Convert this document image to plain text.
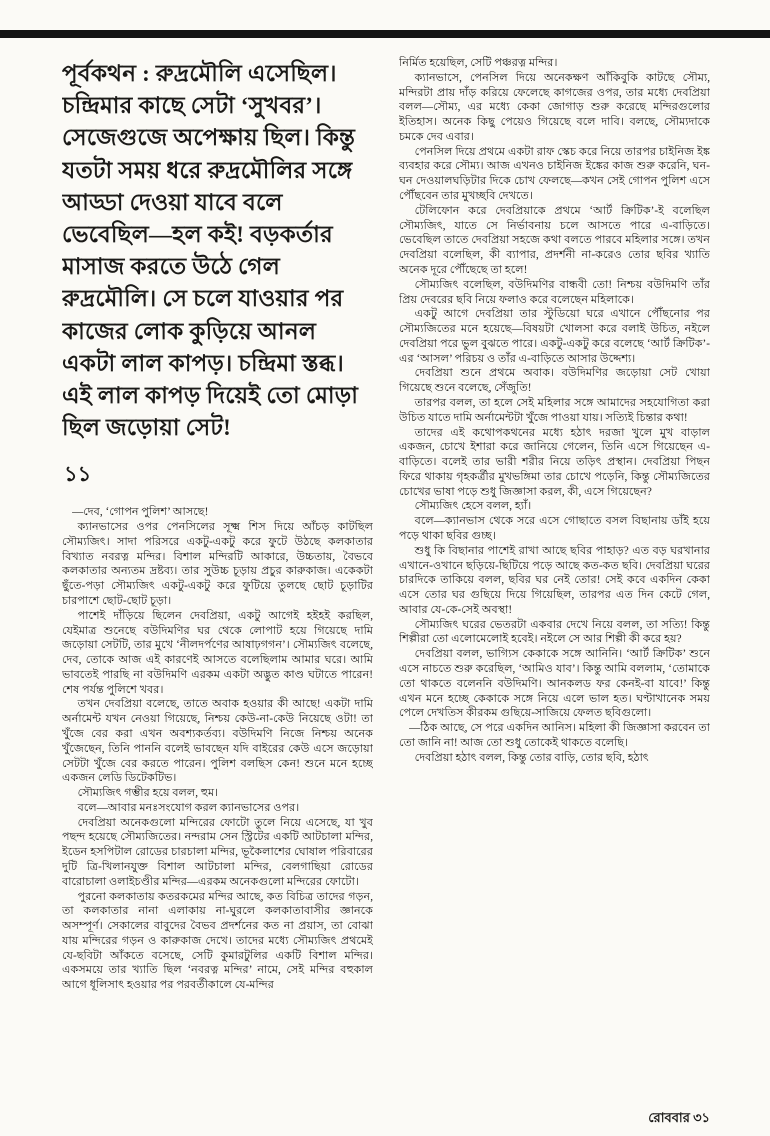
পূর্বকথন : রুদ্রমৌলি এসেছিল। চন্দ্রিমার কাছে সেটা ‘সুখবর’। সেজেগুজে অপেক্ষায় ছিল। কিন্তু যতটা সময় ধরে রুদ্রমৌলির সঙ্গে আড্ডা দেওয়া যাবে বলে ভেবেছিল—হল কই! বড়কর্তার মাসাজ করতে উঠে গেল রুদ্রমৌলি। সে চলে যাওয়ার পর কাজের লোক কুড়িয়ে আনল একটা লাল কাপড়। চন্দ্রিমা স্তব্ধ। এই লাল কাপড় দিয়েই তো মোড়া ছিল জড়োয়া সেট!
১১

—দেব, ‘গোপন পুলিশ’ আসছে!

ক্যানভাসের ওপর পেনসিলের সূক্ষ্ম শিস দিয়ে আঁচড় কাটছিল সৌম্যজিৎ। সাদা পরিসরে একটু-একটু করে ফুটে উঠছে কলকাতার বিখ্যাত নবরত্ন মন্দির। বিশাল মন্দিরটি আকারে, উচ্চতায়, বৈভবে কলকাতার অন্যতম দ্রষ্টব্য। তার সুউচ্চ চূড়ায় প্রচুর কারুকাজ। একেকটা ছুঁতে-পড়া সৌম্যজিৎ একটু-একটু করে ফুটিয়ে তুলছে ছোট চূড়াটির চারপাশে ছোট-ছোট চূড়া।

পাশেই দাঁড়িয়ে ছিলেন দেবপ্রিয়া, একটু আগেই হইহই করছিল, যেইমাত্র শুনেছে বউদিমণির ঘর থেকে লোপাট হয়ে গিয়েছে দামি জড়োয়া সেটটি, তার মুখে ‘নীলদর্পণের আষাঢ়গগন’। সৌম্যজিৎ বলেছে, দেব, তোকে আজ এই কারণেই আসতে বলেছিলাম আমার ঘরে। আমি ভাবতেই পারছি না বউদিমণি এরকম একটা অদ্ভুত কাণ্ড ঘটাতে পারেন! শেষ পর্যন্ত পুলিশে খবর।

তখন দেবপ্রিয়া বলেছে, তাতে অবাক হওয়ার কী আছে! একটা দামি অর্নামেন্ট যখন নেওয়া গিয়েছে, নিশ্চয় কেউ-না-কেউ নিয়েছে ওটা! তা খুঁজে বের করা এখন অবশ্যকর্তব্য। বউদিমণি নিজে নিশ্চয় অনেক খুঁজেছেন, তিনি পাননি বলেই ভাবছেন যদি বাইরের কেউ এসে জড়োয়া সেটটা খুঁজে বের করতে পারেন। পুলিশ বলছিস কেন! শুনে মনে হচ্ছে একজন লেডি ডিটেকটিভ।

সৌম্যজিৎ গম্ভীর হয়ে বলল, হুম।

বলে—আবার মনঃসংযোগ করল ক্যানভাসের ওপর।

দেবপ্রিয়া অনেকগুলো মন্দিরের ফোটো তুলে নিয়ে এসেছে, যা খুব পছন্দ হয়েছে সৌম্যজিতের। নন্দরাম সেন স্ট্রিটের একটি আটচালা মন্দির, ইডেন হসপিটাল রোডের চারচালা মন্দির, ভূকৈলাশের ঘোষাল পরিবারের দুটি ত্রি-খিলানযুক্ত বিশাল আটচালা মন্দির, বেলগাছিয়া রোডের বারোচালা ওলাইচণ্ডীর মন্দির—এরকম অনেকগুলো মন্দিরের ফোটো।

পুরনো কলকাতায় কতরকমের মন্দির আছে, কত বিচিত্র তাদের গড়ন, তা কলকাতার নানা এলাকায় না-ঘুরলে কলকাতাবাসীর জ্ঞানকে অসম্পূর্ণ। সেকালের বাবুদের বৈভব প্রদর্শনের কত না প্রয়াস, তা বোঝা যায় মন্দিরের গড়ন ও কারুকাজ দেখে। তাদের মধ্যে সৌম্যজিৎ প্রথমেই যে-ছবিটা আঁকতে বসেছে, সেটি কুমারটুলির একটি বিশাল মন্দির। একসময়ে তার খ্যাতি ছিল ‘নবরত্ন মন্দির’ নামে, সেই মন্দির বহুকাল আগে ধূলিসাৎ হওয়ার পর পরবর্তীকালে যে-মন্দির

নির্মিত হয়েছিল, সেটি পঞ্চরত্ন মন্দির।

ক্যানভাসে, পেনসিল দিয়ে অনেকক্ষণ আঁকিবুকি কাটছে সৌম্য, মন্দিরটা প্রায় দাঁড় করিয়ে ফেলেছে কাগজের ওপর, তার মধ্যে দেবপ্রিয়া বলল—সৌম্য, এর মধ্যে কেকা জোগাড় শুরু করেছে মন্দিরগুলোর ইতিহাস। অনেক কিছু পেয়েও গিয়েছে বলে দাবি। বলছে, সৌম্যদাকে চমকে দেব এবার।

পেনসিল দিয়ে প্রথমে একটা রাফ স্কেচ করে নিয়ে তারপর চাইনিজ ইঙ্ক ব্যবহার করে সৌম্য। আজ এখনও চাইনিজ ইঙ্কের কাজ শুরু করেনি, ঘন-ঘন দেওয়ালঘড়িটার দিকে চোখ ফেলছে—কখন সেই গোপন পুলিশ এসে পৌঁছবেন তার মুখচ্ছবি দেখতে।

টেলিফোন করে দেবপ্রিয়াকে প্রথমে ‘আর্ট ক্রিটিক’-ই বলেছিল সৌম্যজিৎ, যাতে সে নির্ভাবনায় চলে আসতে পারে এ-বাড়িতে। ভেবেছিল তাতে দেবপ্রিয়া সহজে কথা বলতে পারবে মহিলার সঙ্গে। তখন দেবপ্রিয়া বলেছিল, কী ব্যাপার, প্রদর্শনী না-করেও তোর ছবির খ্যাতি অনেক দূরে পৌঁছেছে তা হলে!

সৌম্যজিৎ বলেছিল, বউদিমণির বান্ধবী তো! নিশ্চয় বউদিমণি তাঁর প্রিয় দেবরের ছবি নিয়ে ফলাও করে বলেছেন মহিলাকে।

একটু আগে দেবপ্রিয়া তার স্টুডিয়ো ঘরে এখানে পৌঁছনোর পর সৌম্যজিতের মনে হয়েছে—বিষয়টা খোলসা করে বলাই উচিত, নইলে দেবপ্রিয়া পরে ভুল বুঝতে পারে। একটু-একটু করে বলেছে ‘আর্ট ক্রিটিক’-এর ‘আসল’ পরিচয় ও তাঁর এ-বাড়িতে আসার উদ্দেশ্য।

দেবপ্রিয়া শুনে প্রথমে অবাক। বউদিমণির জড়োয়া সেট খোয়া গিয়েছে শুনে বলেছে, সেঁজুতি!

তারপর বলল, তা হলে সেই মহিলার সঙ্গে আমাদের সহযোগিতা করা উচিত যাতে দামি অর্নামেন্টটা খুঁজে পাওয়া যায়। সত্যিই চিন্তার কথা!

তাদের এই কথোপকথনের মধ্যে হঠাৎ দরজা খুলে মুখ বাড়াল একজন, চোখে ইশারা করে জানিয়ে গেলেন, তিনি এসে গিয়েছেন এ-বাড়িতে। বলেই তার ভারী শরীর নিয়ে তড়িৎ প্রস্থান। দেবপ্রিয়া পিছন ফিরে থাকায় গৃহকর্ত্রীর মুখভঙ্গিমা তার চোখে পড়েনি, কিন্তু সৌম্যজিতের চোখের ভাষা পড়ে শুধু জিজ্ঞাসা করল, কী, এসে গিয়েছেন?

সৌম্যজিৎ হেসে বলল, হ্যাঁ।

বলে—ক্যানভাস থেকে সরে এসে গোছাতে বসল বিছানায় ডাঁই হয়ে পড়ে থাকা ছবির গুচ্ছ।

শুধু কি বিছানার পাশেই রাখা আছে ছবির পাহাড়? এত বড় ঘরখানার এখানে-ওখানে ছড়িয়ে-ছিটিয়ে পড়ে আছে কত-কত ছবি। দেবপ্রিয়া ঘরের চারদিকে তাকিয়ে বলল, ছবির ঘর নেই তোর! সেই কবে একদিন কেকা এসে তোর ঘর গুছিয়ে দিয়ে গিয়েছিল, তারপর এত দিন কেটে গেল, আবার যে-কে-সেই অবস্থা!

সৌম্যজিৎ ঘরের ভেতরটা একবার দেখে নিয়ে বলল, তা সত্যি! কিন্তু শিল্পীরা তো এলোমেলোই হবেই। নইলে সে আর শিল্পী কী করে হয়?

দেবপ্রিয়া বলল, ভাগ্যিস কেকাকে সঙ্গে আনিনি। ‘আর্ট ক্রিটিক’ শুনে এসে নাচতে শুরু করেছিল, ‘আমিও যাব’। কিন্তু আমি বললাম, ‘তোমাকে তো থাকতে বলেননি বউদিমণি। আনকলড ফর কেনই-বা যাবে!’ কিন্তু এখন মনে হচ্ছে কেকাকে সঙ্গে নিয়ে এলে ভাল হত। ঘণ্টাখানেক সময় পেলে দেখতিস কীরকম গুছিয়ে-সাজিয়ে ফেলত ছবিগুলো।

—ঠিক আছে, সে পরে একদিন আনিস। মহিলা কী জিজ্ঞাসা করবেন তা তো জানি না! আজ তো শুধু তোকেই থাকতে বলেছি।

দেবপ্রিয়া হঠাৎ বলল, কিন্তু তোর বাড়ি, তোর ছবি, হঠাৎ

রোববার ৩১
